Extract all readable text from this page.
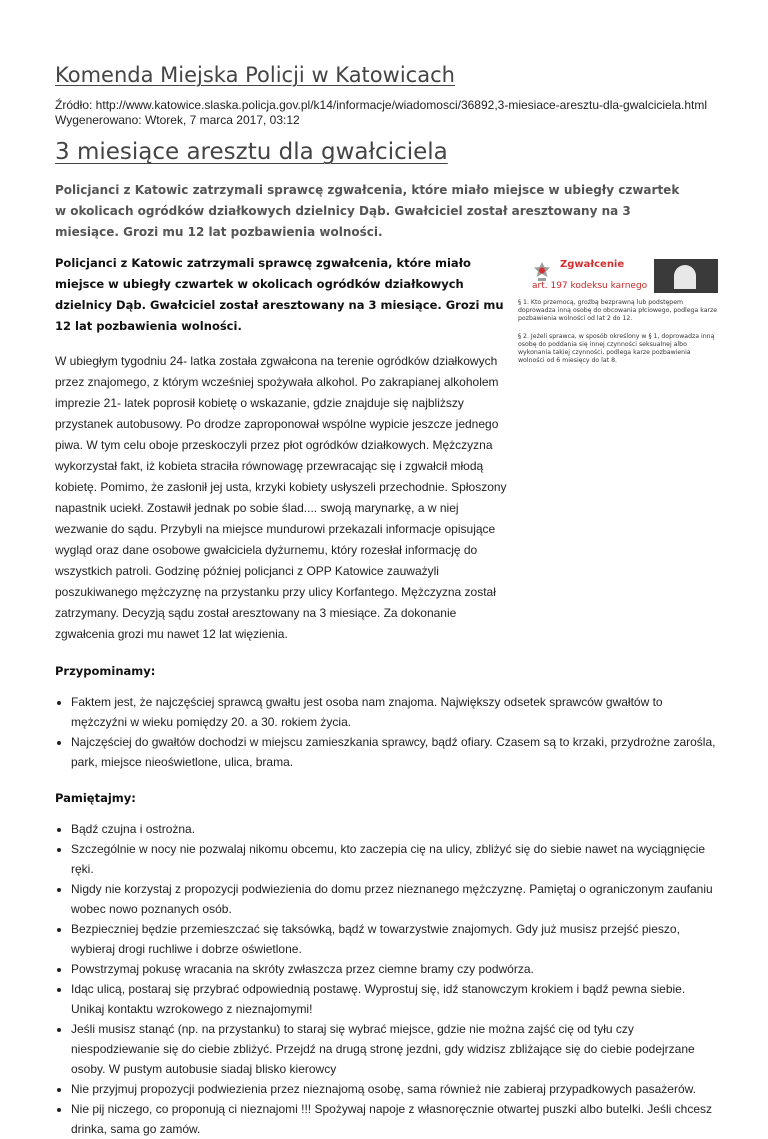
Komenda Miejska Policji w Katowicach
Źródło: http://www.katowice.slaska.policja.gov.pl/k14/informacje/wiadomosci/36892,3-miesiace-aresztu-dla-gwalciciela.html
Wygenerowano: Wtorek, 7 marca 2017, 03:12
3 miesiące aresztu dla gwałciciela
Policjanci z Katowic zatrzymali sprawcę zgwałcenia, które miało miejsce w ubiegły czwartek w okolicach ogródków działkowych dzielnicy Dąb. Gwałciciel został aresztowany na 3 miesiące. Grozi mu 12 lat pozbawienia wolności.
Zgwałcenie
art. 197 kodeksu karnego
§ 1. Kto przemocą, groźbą bezprawną lub podstępem doprowadza inną osobę do obcowania płciowego, podlega karze pozbawienia wolności od lat 2 do 12.
§ 2. Jeżeli sprawca, w sposób określony w § 1, doprowadza inną osobę do poddania się innej czynności seksualnej albo wykonania takiej czynności, podlega karze pozbawienia wolności od 6 miesięcy do lat 8.

Policjanci z Katowic zatrzymali sprawcę zgwałcenia, które miało miejsce w ubiegły czwartek w okolicach ogródków działkowych dzielnicy Dąb. Gwałciciel został aresztowany na 3 miesiące. Grozi mu 12 lat pozbawienia wolności.

W ubiegłym tygodniu 24- latka została zgwałcona na terenie ogródków działkowych przez znajomego, z którym wcześniej spożywała alkohol. Po zakrapianej alkoholem imprezie 21- latek poprosił kobietę o wskazanie, gdzie znajduje się najbliższy przystanek autobusowy. Po drodze zaproponował wspólne wypicie jeszcze jednego piwa. W tym celu oboje przeskoczyli przez płot ogródków działkowych. Mężczyzna wykorzystał fakt, iż kobieta straciła równowagę przewracając się i zgwałcił młodą kobietę. Pomimo, że zasłonił jej usta, krzyki kobiety usłyszeli przechodnie. Spłoszony napastnik uciekł. Zostawił jednak po sobie ślad.... swoją marynarkę, a w niej wezwanie do sądu. Przybyli na miejsce mundurowi przekazali informacje opisujące wygląd oraz dane osobowe gwałciciela dyżurnemu, który rozesłał informację do wszystkich patroli. Godzinę później policjanci z OPP Katowice zauważyli poszukiwanego mężczyznę na przystanku przy ulicy Korfantego. Mężczyzna został zatrzymany. Decyzją sądu został aresztowany na 3 miesiące. Za dokonanie zgwałcenia grozi mu nawet 12 lat więzienia.
Przypominamy:
• Faktem jest, że najczęściej sprawcą gwałtu jest osoba nam znajoma. Największy odsetek sprawców gwałtów to mężczyźni w wieku pomiędzy 20. a 30. rokiem życia.
• Najczęściej do gwałtów dochodzi w miejscu zamieszkania sprawcy, bądź ofiary. Czasem są to krzaki, przydrożne zarośla, park, miejsce nieoświetlone, ulica, brama.
Pamiętajmy:
• Bądź czujna i ostrożna.
• Szczególnie w nocy nie pozwalaj nikomu obcemu, kto zaczepia cię na ulicy, zbliżyć się do siebie nawet na wyciągnięcie ręki.
• Nigdy nie korzystaj z propozycji podwiezienia do domu przez nieznanego mężczyznę. Pamiętaj o ograniczonym zaufaniu wobec nowo poznanych osób.
• Bezpieczniej będzie przemieszczać się taksówką, bądź w towarzystwie znajomych. Gdy już musisz przejść pieszo, wybieraj drogi ruchliwe i dobrze oświetlone.
• Powstrzymaj pokusę wracania na skróty zwłaszcza przez ciemne bramy czy podwórza.
• Idąc ulicą, postaraj się przybrać odpowiednią postawę. Wyprostuj się, idź stanowczym krokiem i bądź pewna siebie. Unikaj kontaktu wzrokowego z nieznajomymi!
• Jeśli musisz stanąć (np. na przystanku) to staraj się wybrać miejsce, gdzie nie można zajść cię od tyłu czy niespodziewanie się do ciebie zbliżyć. Przejdź na drugą stronę jezdni, gdy widzisz zbliżające się do ciebie podejrzane osoby. W pustym autobusie siadaj blisko kierowcy
• Nie przyjmuj propozycji podwiezienia przez nieznajomą osobę, sama również nie zabieraj przypadkowych pasażerów.
• Nie pij niczego, co proponują ci nieznajomi !!! Spożywaj napoje z własnoręcznie otwartej puszki albo butelki. Jeśli chcesz drinka, sama go zamów.
